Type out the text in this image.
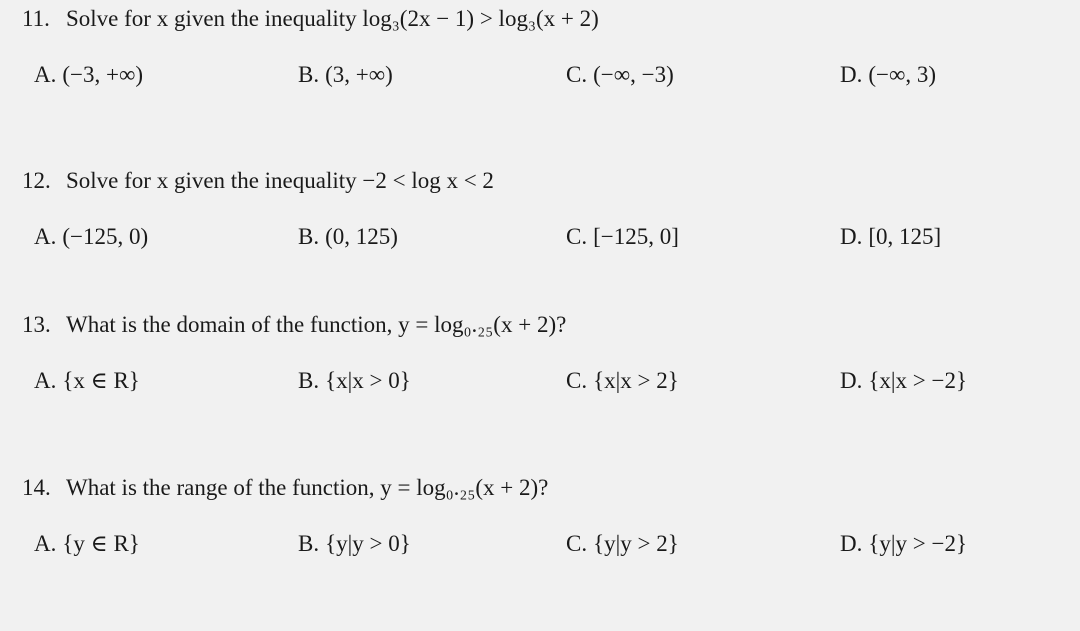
11. Solve for x given the inequality log₃(2x − 1) > log₃(x + 2)
A. (−3, +∞)	B. (3, +∞)	C. (−∞, −3)	D. (−∞, 3)
12. Solve for x given the inequality −2 < log x < 2
A. (−125, 0)	B. (0, 125)	C. [−125, 0]	D. [0, 125]
13. What is the domain of the function, y = log₀.₂₅(x + 2)?
A. {x ∈ R}	B. {x|x > 0}	C. {x|x > 2}	D. {x|x > −2}
14. What is the range of the function, y = log₀.₂₅(x + 2)?
A. {y ∈ R}	B. {y|y > 0}	C. {y|y > 2}	D. {y|y > −2}
